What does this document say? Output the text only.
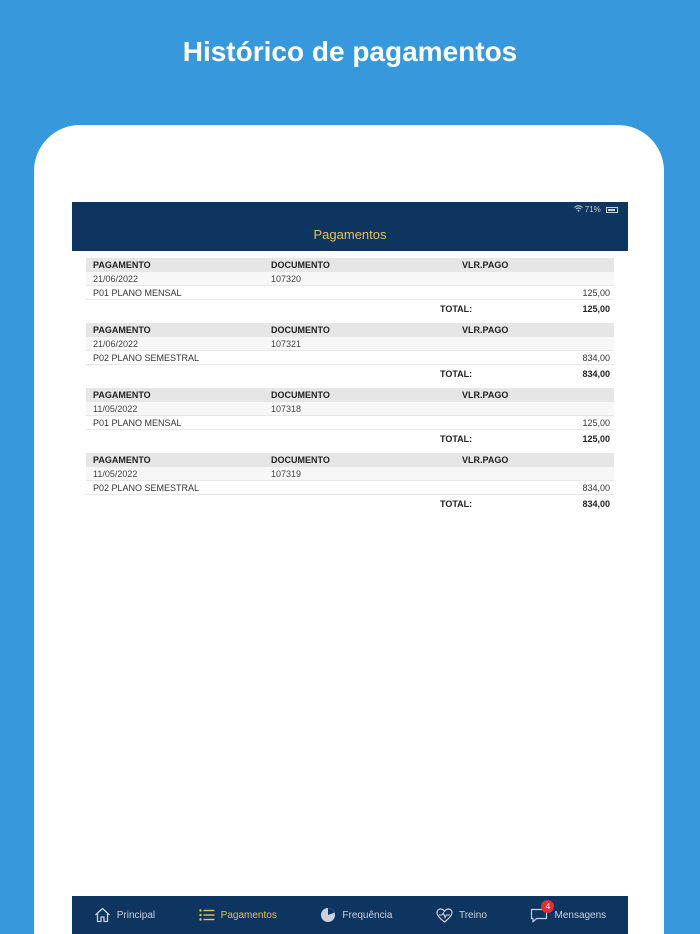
Histórico de pagamentos
71%
Pagamentos
PAGAMENTO	DOCUMENTO	VLR.PAGO
21/06/2022	107320
P01 PLANO MENSAL	125,00
TOTAL:	125,00
PAGAMENTO	DOCUMENTO	VLR.PAGO
21/06/2022	107321
P02 PLANO SEMESTRAL	834,00
TOTAL:	834,00
PAGAMENTO	DOCUMENTO	VLR.PAGO
11/05/2022	107318
P01 PLANO MENSAL	125,00
TOTAL:	125,00
PAGAMENTO	DOCUMENTO	VLR.PAGO
11/05/2022	107319
P02 PLANO SEMESTRAL	834,00
TOTAL:	834,00
Principal	Pagamentos	Frequência	Treino
4
Mensagens
